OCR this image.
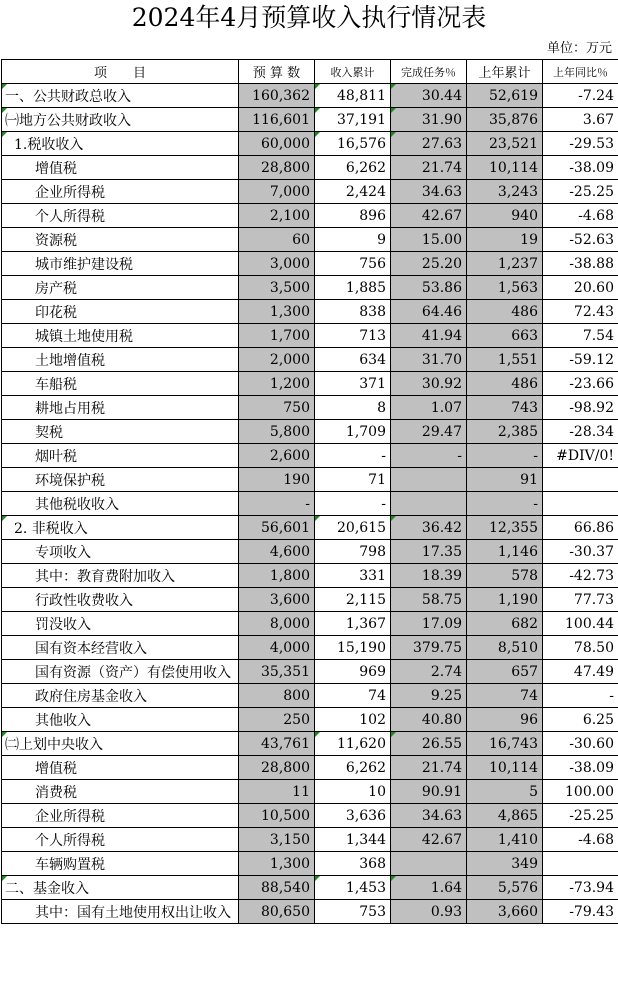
2024年4月预算收入执行情况表
单位：万元
项　　目	预 算 数	收入累计	完成任务％	上年累计	上年同比％
一、公共财政总收入	160,362	48,811	30.44	52,619	-7.24
㈠地方公共财政收入	116,601	37,191	31.90	35,876	3.67
1.税收收入	60,000	16,576	27.63	23,521	-29.53
增值税	28,800	6,262	21.74	10,114	-38.09
企业所得税	7,000	2,424	34.63	3,243	-25.25
个人所得税	2,100	896	42.67	940	-4.68
资源税	60	9	15.00	19	-52.63
城市维护建设税	3,000	756	25.20	1,237	-38.88
房产税	3,500	1,885	53.86	1,563	20.60
印花税	1,300	838	64.46	486	72.43
城镇土地使用税	1,700	713	41.94	663	7.54
土地增值税	2,000	634	31.70	1,551	-59.12
车船税	1,200	371	30.92	486	-23.66
耕地占用税	750	8	1.07	743	-98.92
契税	5,800	1,709	29.47	2,385	-28.34
烟叶税	2,600	-	-	-	#DIV/0!
环境保护税	190	71		91	
其他税收收入	-	-		-	
2. 非税收入	56,601	20,615	36.42	12,355	66.86
专项收入	4,600	798	17.35	1,146	-30.37
其中：教育费附加收入	1,800	331	18.39	578	-42.73
行政性收费收入	3,600	2,115	58.75	1,190	77.73
罚没收入	8,000	1,367	17.09	682	100.44
国有资本经营收入	4,000	15,190	379.75	8,510	78.50
国有资源（资产）有偿使用收入	35,351	969	2.74	657	47.49
政府住房基金收入	800	74	9.25	74	-
其他收入	250	102	40.80	96	6.25
㈡上划中央收入	43,761	11,620	26.55	16,743	-30.60
增值税	28,800	6,262	21.74	10,114	-38.09
消费税	11	10	90.91	5	100.00
企业所得税	10,500	3,636	34.63	4,865	-25.25
个人所得税	3,150	1,344	42.67	1,410	-4.68
车辆购置税	1,300	368		349	
二、基金收入	88,540	1,453	1.64	5,576	-73.94
其中：国有土地使用权出让收入	80,650	753	0.93	3,660	-79.43
